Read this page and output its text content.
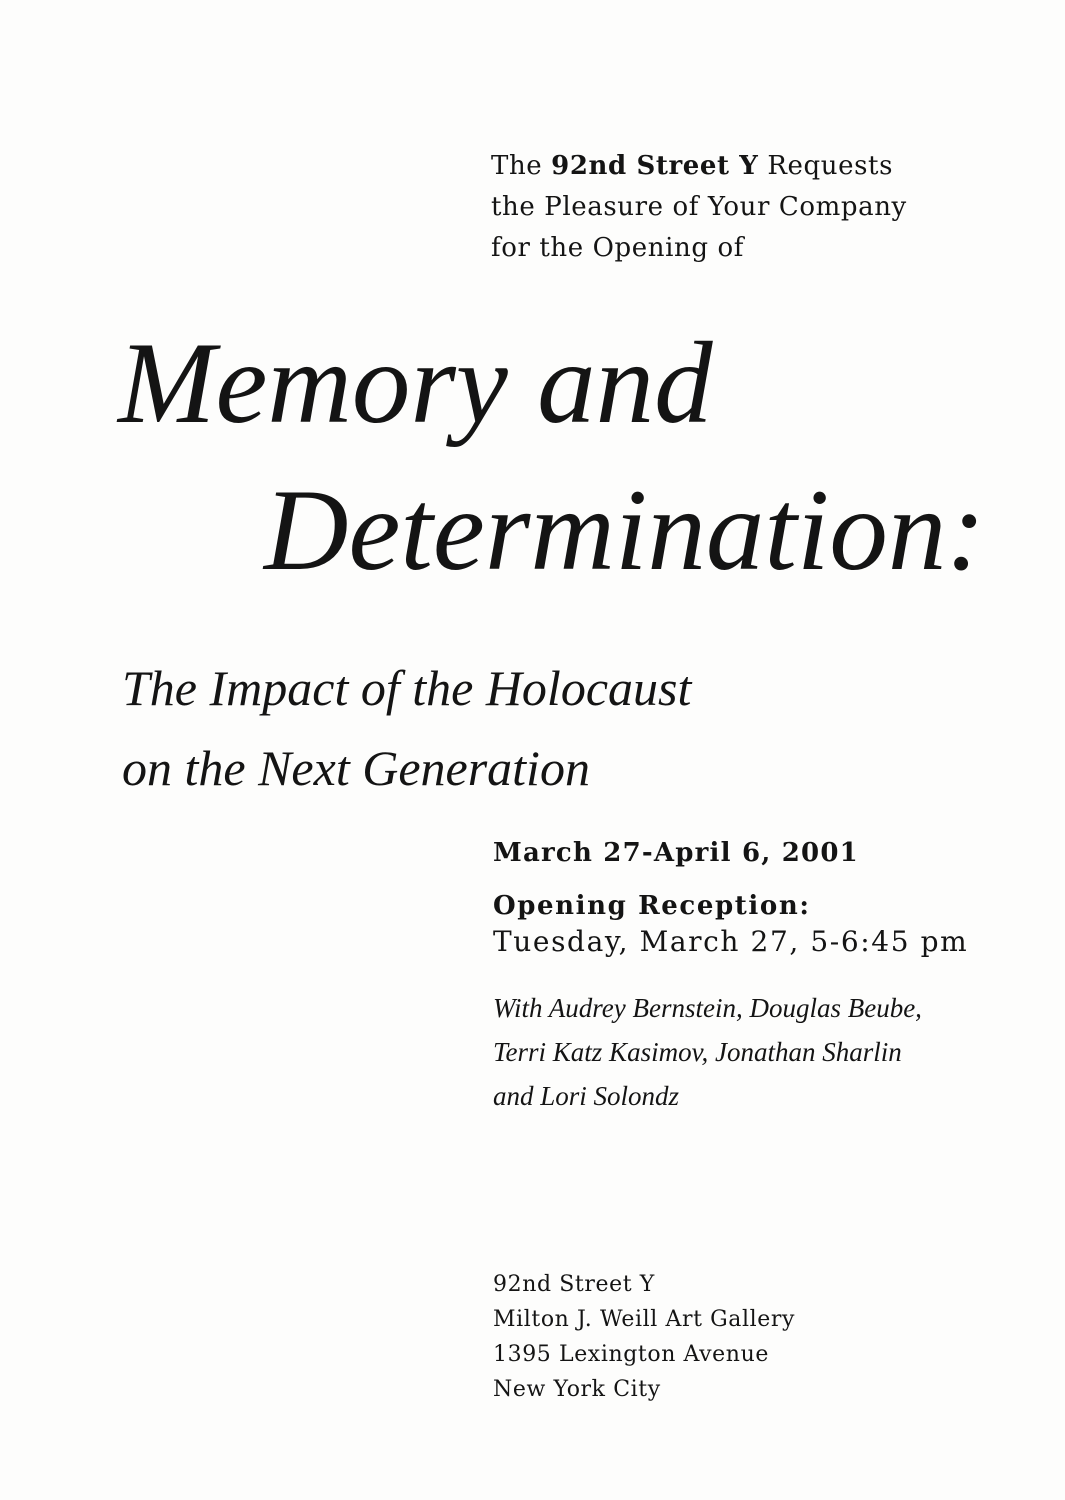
The 92nd Street Y Requests
the Pleasure of Your Company
for the Opening of
Memory and
Determination:
The Impact of the Holocaust
on the Next Generation
March 27-April 6, 2001
Opening Reception:
Tuesday, March 27, 5-6:45 pm
With Audrey Bernstein, Douglas Beube,
Terri Katz Kasimov, Jonathan Sharlin
and Lori Solondz
92nd Street Y
Milton J. Weill Art Gallery
1395 Lexington Avenue
New York City
